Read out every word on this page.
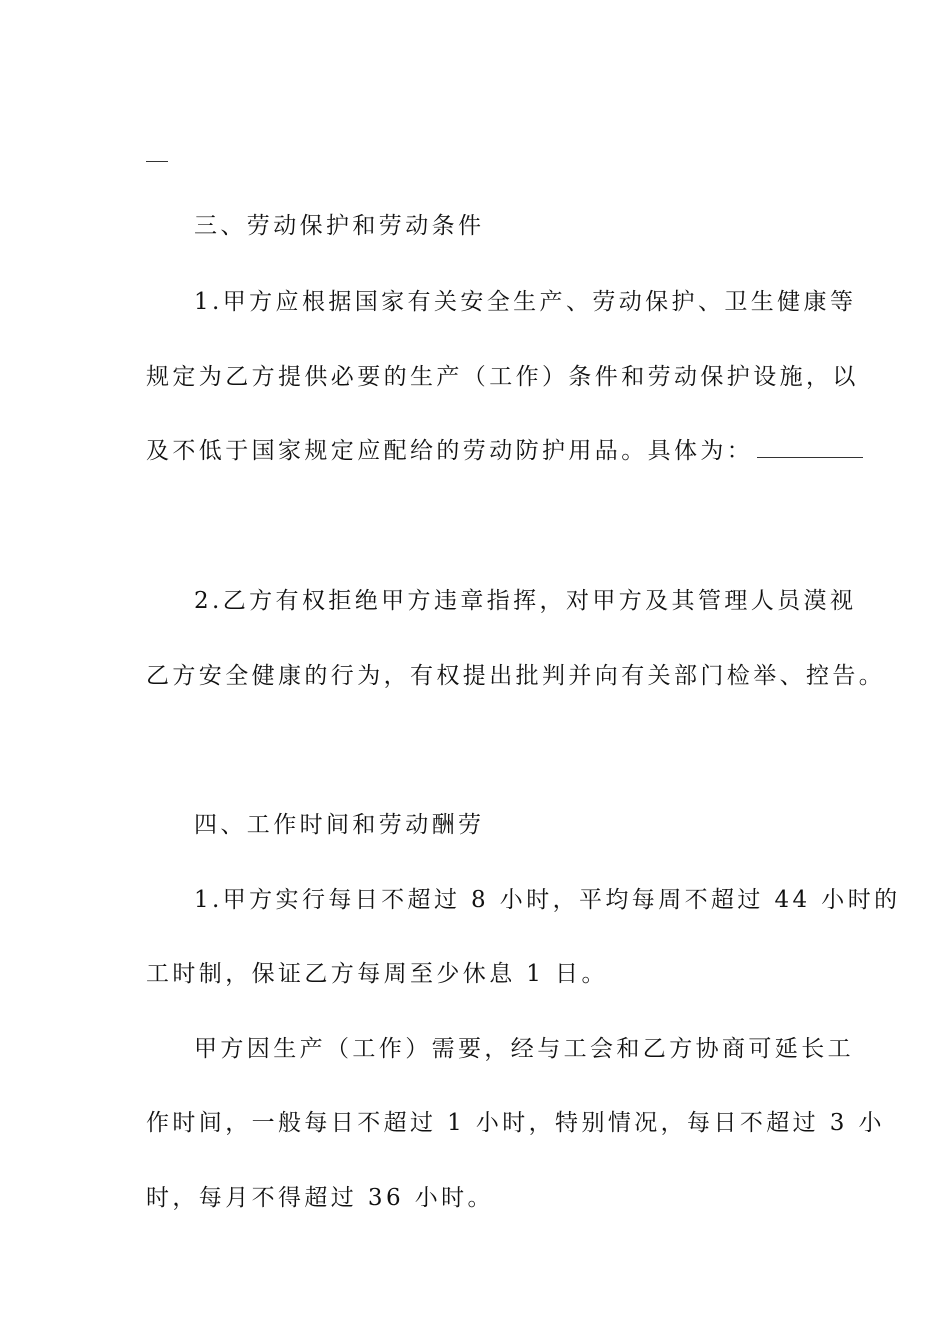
三、劳动保护和劳动条件

1.甲方应根据国家有关安全生产、劳动保护、卫生健康等

规定为乙方提供必要的生产（工作）条件和劳动保护设施，以

及不低于国家规定应配给的劳动防护用品。具体为：

2.乙方有权拒绝甲方违章指挥，对甲方及其管理人员漠视

乙方安全健康的行为，有权提出批判并向有关部门检举、控告。

四、工作时间和劳动酬劳

1.甲方实行每日不超过 8 小时，平均每周不超过 44 小时的

工时制，保证乙方每周至少休息 1 日。

甲方因生产（工作）需要，经与工会和乙方协商可延长工

作时间，一般每日不超过 1 小时，特别情况，每日不超过 3 小

时，每月不得超过 36 小时。
